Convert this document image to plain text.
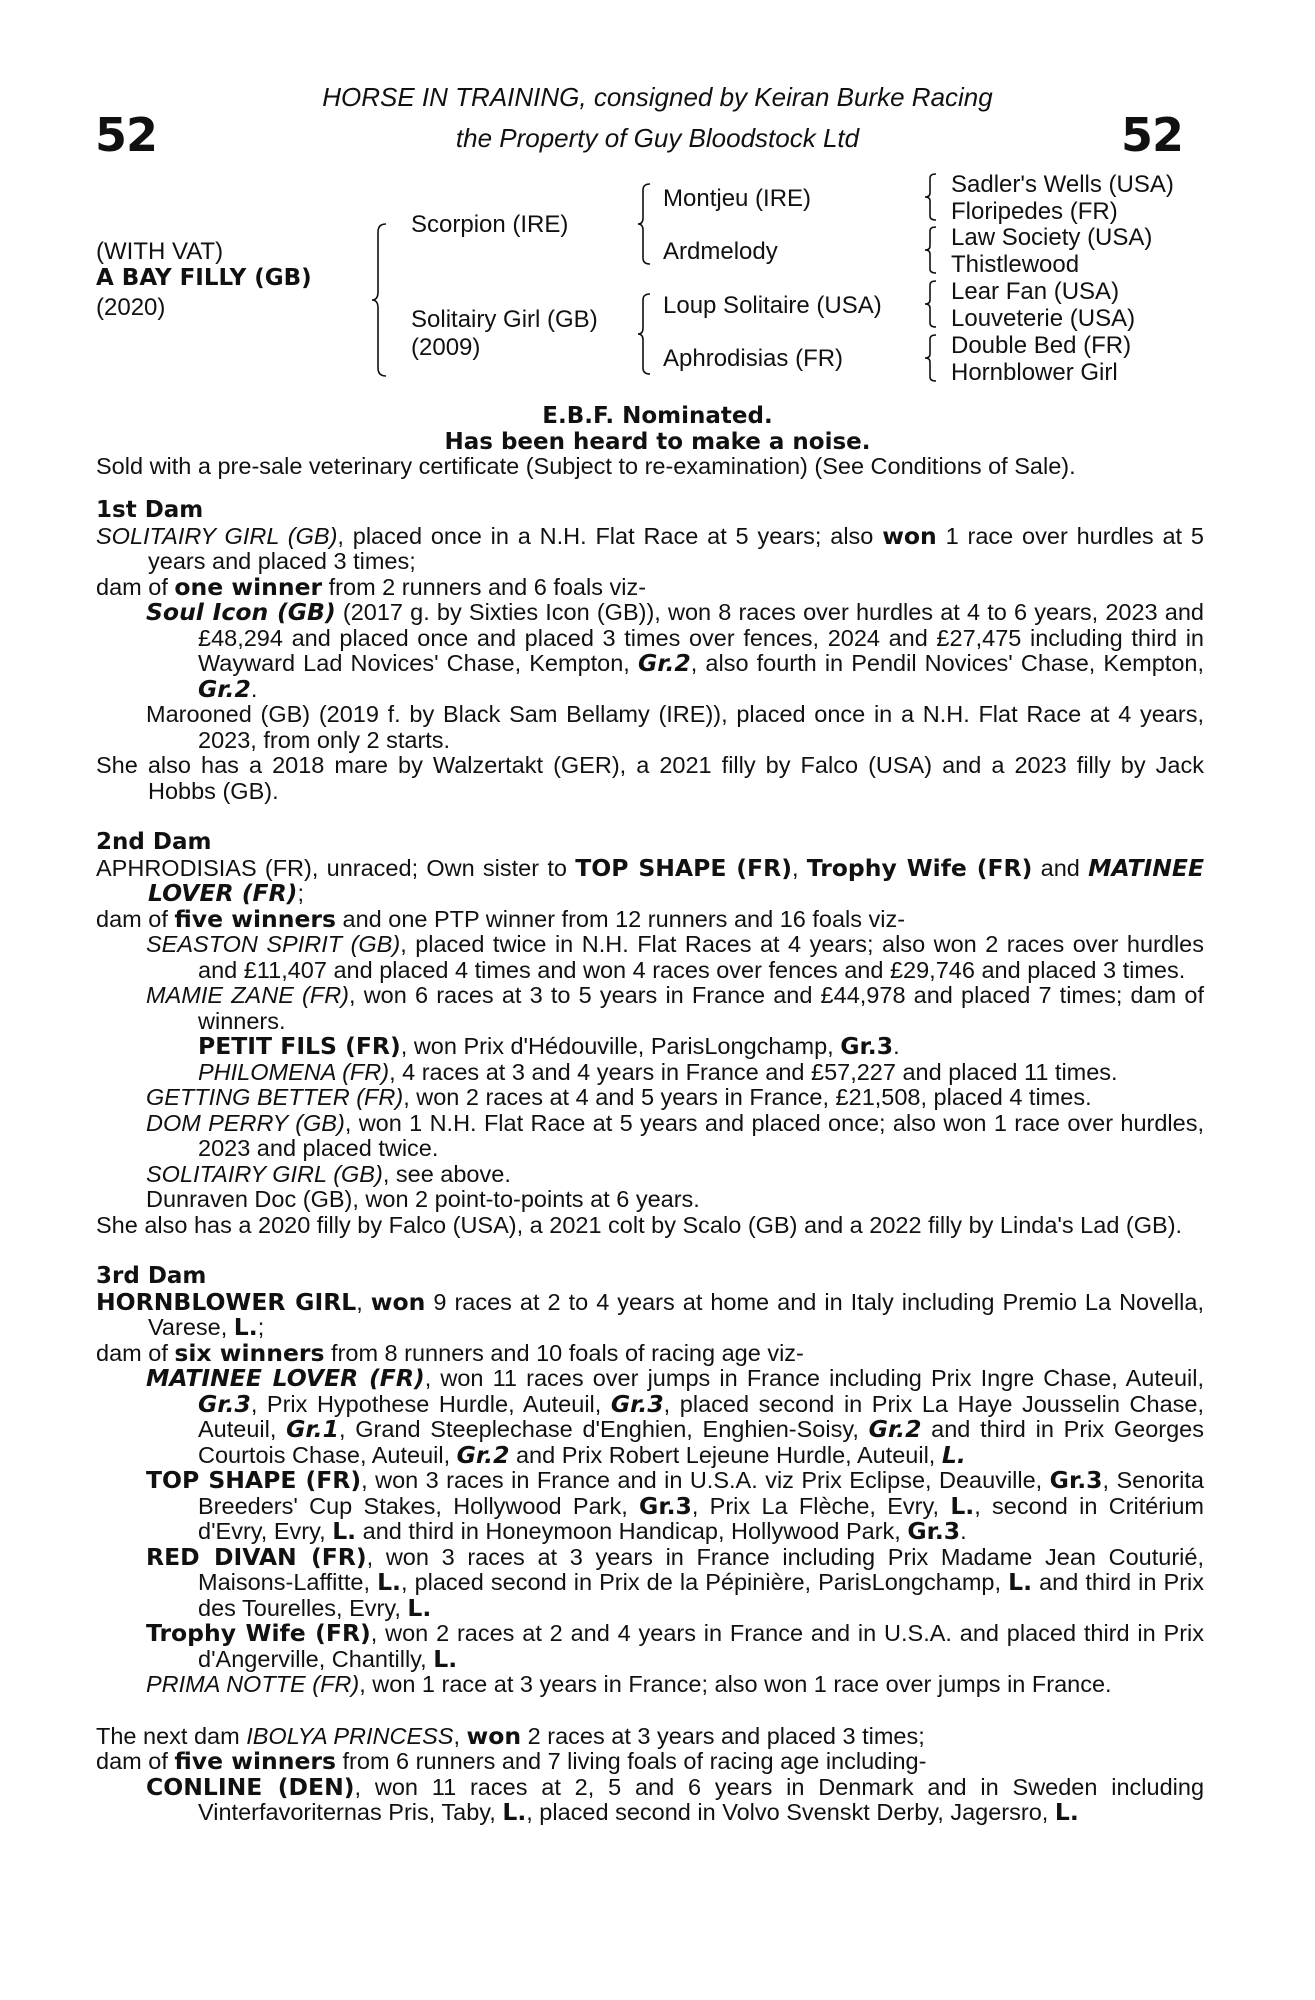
52	52
HORSE IN TRAINING, consigned by Keiran Burke Racing
the Property of Guy Bloodstock Ltd
(WITH VAT)
A BAY FILLY (GB)
(2020)
Scorpion (IRE)
Solitairy Girl (GB)
(2009)
Montjeu (IRE)
Ardmelody
Loup Solitaire (USA)
Aphrodisias (FR)
Sadler's Wells (USA)
Floripedes (FR)
Law Society (USA)
Thistlewood
Lear Fan (USA)
Louveterie (USA)
Double Bed (FR)
Hornblower Girl
E.B.F. Nominated.
Has been heard to make a noise.
Sold with a pre-sale veterinary certificate (Subject to re-examination) (See Conditions of Sale).
1st Dam

SOLITAIRY GIRL (GB), placed once in a N.H. Flat Race at 5 years; also won 1 race over hurdles at 5 years and placed 3 times;

dam of one winner from 2 runners and 6 foals viz-

Soul Icon (GB) (2017 g. by Sixties Icon (GB)), won 8 races over hurdles at 4 to 6 years, 2023 and £48,294 and placed once and placed 3 times over fences, 2024 and £27,475 including third in Wayward Lad Novices' Chase, Kempton, Gr.2, also fourth in Pendil Novices' Chase, Kempton, Gr.2.

Marooned (GB) (2019 f. by Black Sam Bellamy (IRE)), placed once in a N.H. Flat Race at 4 years, 2023, from only 2 starts.

She also has a 2018 mare by Walzertakt (GER), a 2021 filly by Falco (USA) and a 2023 filly by Jack Hobbs (GB).

2nd Dam

APHRODISIAS (FR), unraced; Own sister to TOP SHAPE (FR), Trophy Wife (FR) and MATINEE LOVER (FR);

dam of five winners and one PTP winner from 12 runners and 16 foals viz-

SEASTON SPIRIT (GB), placed twice in N.H. Flat Races at 4 years; also won 2 races over hurdles and £11,407 and placed 4 times and won 4 races over fences and £29,746 and placed 3 times.

MAMIE ZANE (FR), won 6 races at 3 to 5 years in France and £44,978 and placed 7 times; dam of winners.

PETIT FILS (FR), won Prix d'Hédouville, ParisLongchamp, Gr.3.

PHILOMENA (FR), 4 races at 3 and 4 years in France and £57,227 and placed 11 times.

GETTING BETTER (FR), won 2 races at 4 and 5 years in France, £21,508, placed 4 times.

DOM PERRY (GB), won 1 N.H. Flat Race at 5 years and placed once; also won 1 race over hurdles, 2023 and placed twice.

SOLITAIRY GIRL (GB), see above.

Dunraven Doc (GB), won 2 point-to-points at 6 years.

She also has a 2020 filly by Falco (USA), a 2021 colt by Scalo (GB) and a 2022 filly by Linda's Lad (GB).

3rd Dam

HORNBLOWER GIRL, won 9 races at 2 to 4 years at home and in Italy including Premio La Novella, Varese, L.;

dam of six winners from 8 runners and 10 foals of racing age viz-

MATINEE LOVER (FR), won 11 races over jumps in France including Prix Ingre Chase, Auteuil, Gr.3, Prix Hypothese Hurdle, Auteuil, Gr.3, placed second in Prix La Haye Jousselin Chase, Auteuil, Gr.1, Grand Steeplechase d'Enghien, Enghien-Soisy, Gr.2 and third in Prix Georges Courtois Chase, Auteuil, Gr.2 and Prix Robert Lejeune Hurdle, Auteuil, L.

TOP SHAPE (FR), won 3 races in France and in U.S.A. viz Prix Eclipse, Deauville, Gr.3, Senorita Breeders' Cup Stakes, Hollywood Park, Gr.3, Prix La Flèche, Evry, L., second in Critérium d'Evry, Evry, L. and third in Honeymoon Handicap, Hollywood Park, Gr.3.

RED DIVAN (FR), won 3 races at 3 years in France including Prix Madame Jean Couturié, Maisons-Laffitte, L., placed second in Prix de la Pépinière, ParisLongchamp, L. and third in Prix des Tourelles, Evry, L.

Trophy Wife (FR), won 2 races at 2 and 4 years in France and in U.S.A. and placed third in Prix d'Angerville, Chantilly, L.

PRIMA NOTTE (FR), won 1 race at 3 years in France; also won 1 race over jumps in France.

The next dam IBOLYA PRINCESS, won 2 races at 3 years and placed 3 times;

dam of five winners from 6 runners and 7 living foals of racing age including-

CONLINE (DEN), won 11 races at 2, 5 and 6 years in Denmark and in Sweden including Vinterfavoriternas Pris, Taby, L., placed second in Volvo Svenskt Derby, Jagersro, L.
